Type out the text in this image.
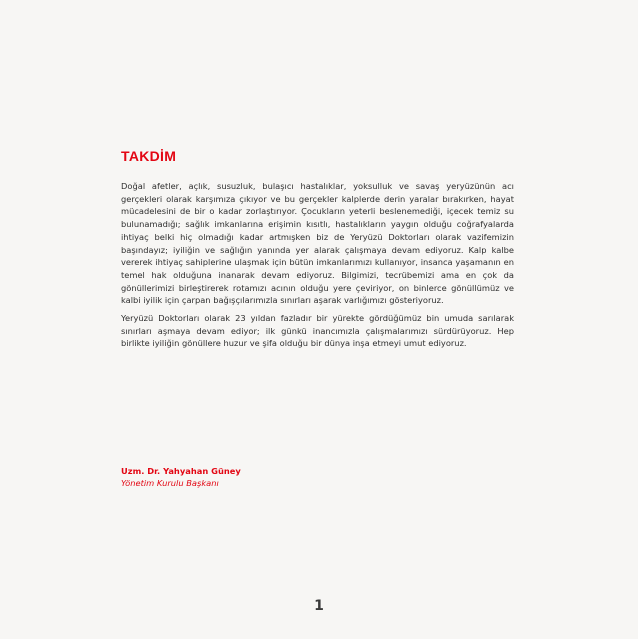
TAKDİM

Doğal afetler, açlık, susuzluk, bulaşıcı hastalıklar, yoksulluk ve savaş yeryüzünün acı gerçekleri olarak karşımıza çıkıyor ve bu gerçekler kalplerde derin yaralar bırakırken, hayat mücadelesini de bir o kadar zorlaştırıyor. Çocukların yeterli beslenemediği, içecek temiz su bulunamadığı; sağlık imkanlarına erişimin kısıtlı, hastalıkların yaygın olduğu coğrafyalarda ihtiyaç belki hiç olmadığı kadar artmışken biz de Yeryüzü Doktorları olarak vazifemizin başındayız; iyiliğin ve sağlığın yanında yer alarak çalışmaya devam ediyoruz. Kalp kalbe vererek ihtiyaç sahiplerine ulaşmak için bütün imkanlarımızı kullanıyor, insanca yaşamanın en temel hak olduğuna inanarak devam ediyoruz. Bilgimizi, tecrübemizi ama en çok da gönüllerimizi birleştirerek rotamızı acının olduğu yere çeviriyor, on binlerce gönüllümüz ve kalbi iyilik için çarpan bağışçılarımızla sınırları aşarak varlığımızı gösteriyoruz.

Yeryüzü Doktorları olarak 23 yıldan fazladır bir yürekte gördüğümüz bin umuda sarılarak sınırları aşmaya devam ediyor; ilk günkü inancımızla çalışmalarımızı sürdürüyoruz. Hep birlikte iyiliğin gönüllere huzur ve şifa olduğu bir dünya inşa etmeyi umut ediyoruz.

Uzm. Dr. Yahyahan Güney
Yönetim Kurulu Başkanı
1
